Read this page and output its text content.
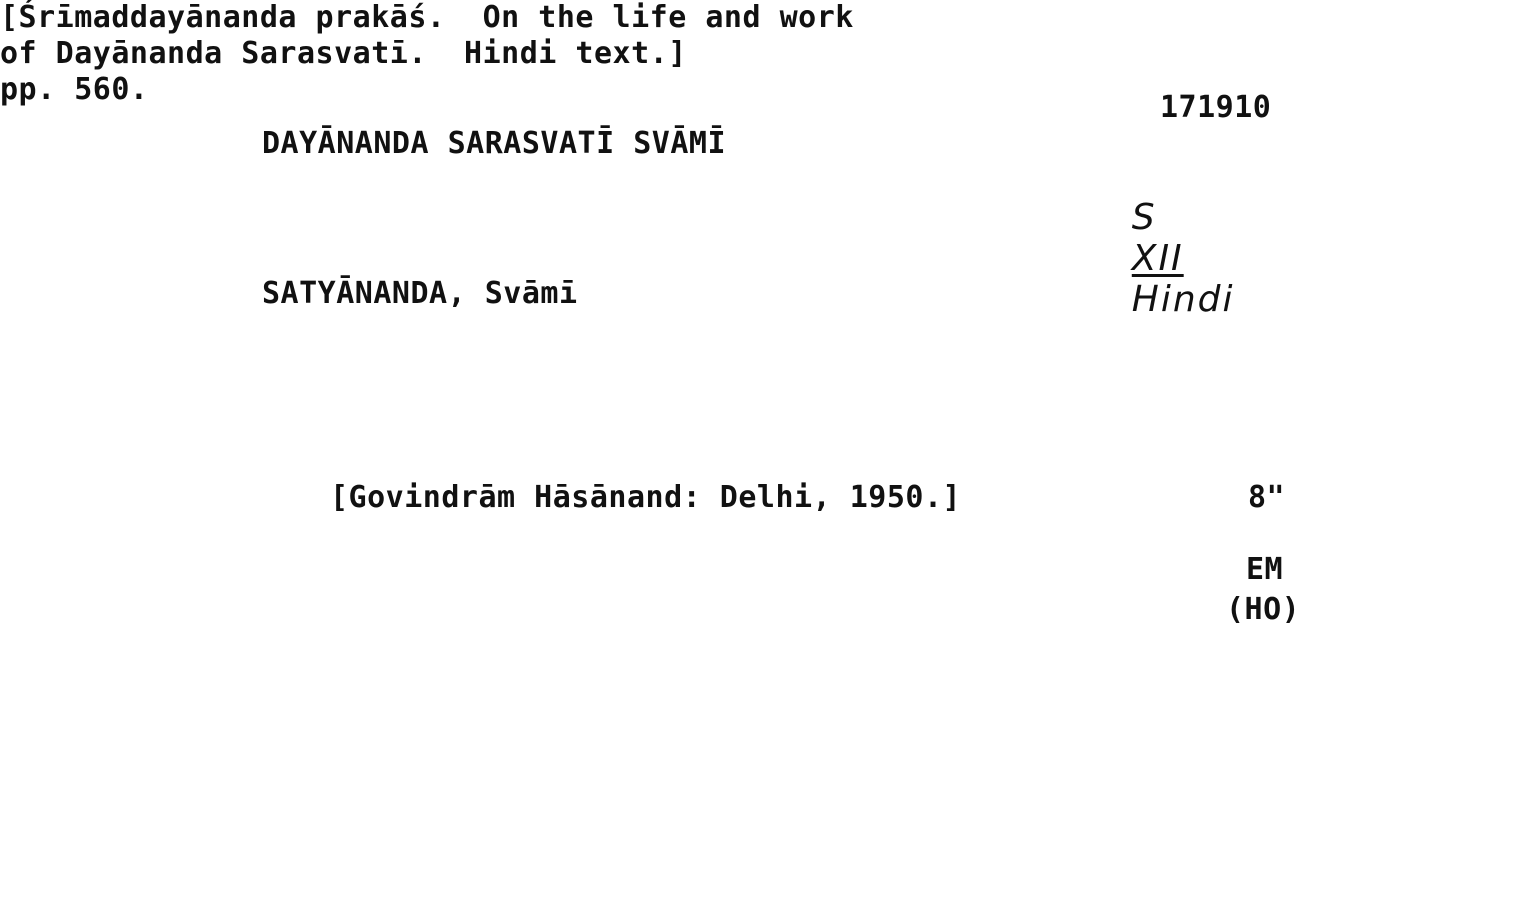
DAYĀNANDA SARASVATĪ SVĀMĪ
171910

S
XII
Hindi

SATYĀNANDA, Svāmī
[Śrīmaddayānanda prakāś.  On the life and work
of Dayānanda Sarasvatī.  Hindi text.]
pp. 560.
[Govindrām Hāsānand: Delhi, 1950.]	8"
EM
(HO)
